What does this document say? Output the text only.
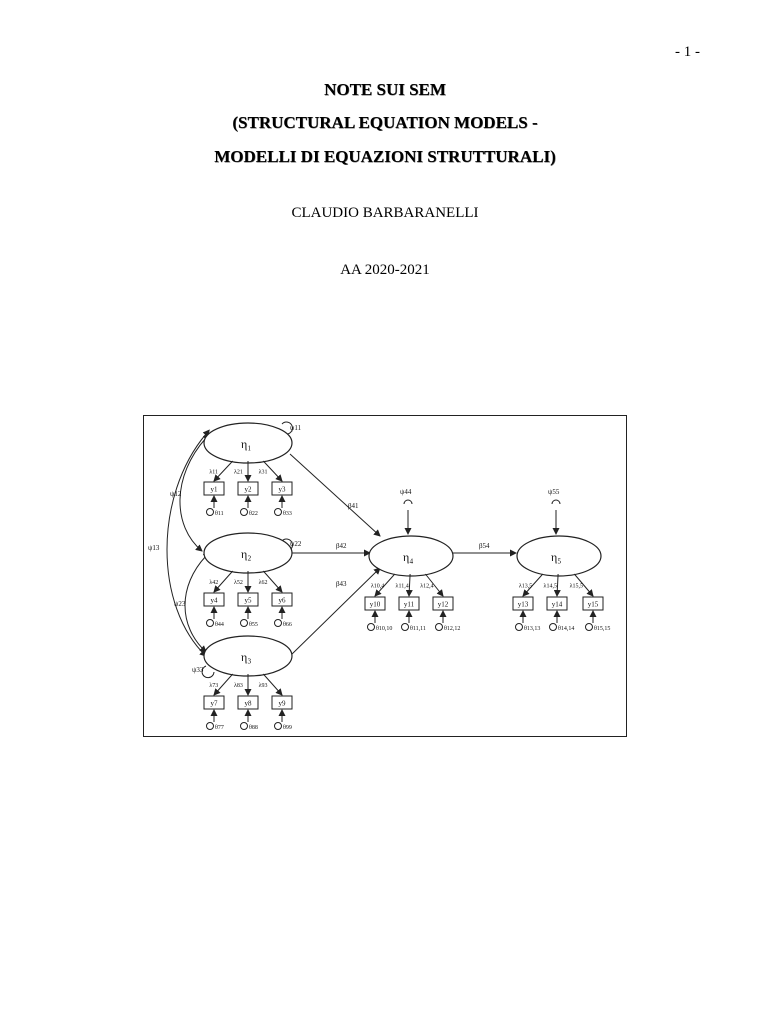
- 1 -
NOTE SUI SEM
(STRUCTURAL EQUATION MODELS -
MODELLI DI EQUAZIONI STRUTTURALI)
CLAUDIO BARBARANELLI
AA 2020-2021
η₁
η₂
η₃
η₄	η₅
ψ11
ψ22
ψ33
ψ44	ψ55
ψ12
ψ13
ψ23
β41
β42
β43
β54
λ11
y1
θ11
λ21
y2
θ22
λ31
y3
θ33
λ42
y4
θ44
λ52
y5
θ55
λ62
y6
θ66
λ73
y7
θ77
λ83
y8
θ88
λ93
y9
θ99
λ10,4
y10
θ10,10
λ11,4
y11
θ11,11
λ12,4
y12
θ12,12
λ13,5
y13
θ13,13
λ14,5
y14
θ14,14
λ15,5
y15
θ15,15
